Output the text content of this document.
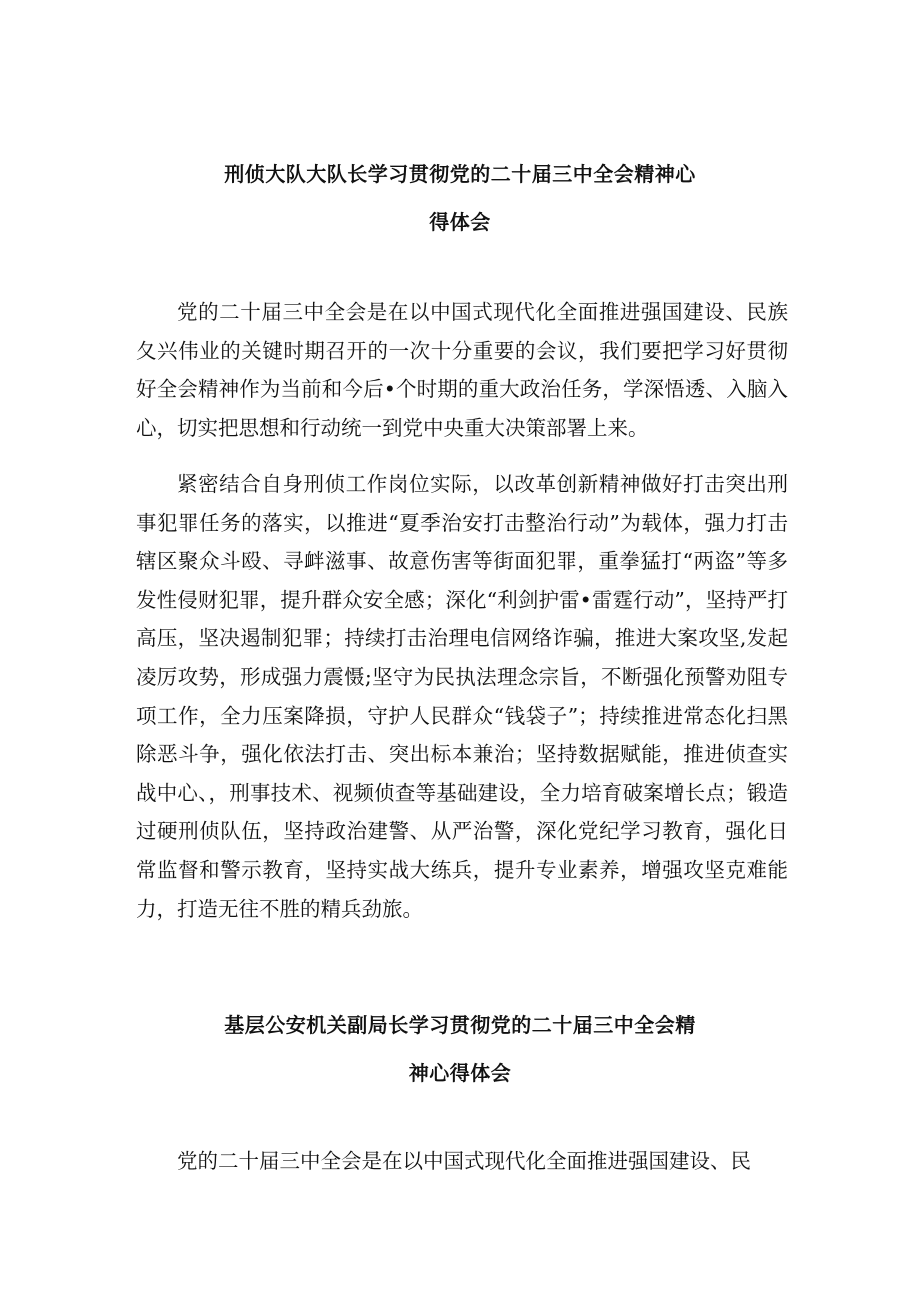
刑侦大队大队长学习贯彻党的二十届三中全会精神心
得体会

党的二十届三中全会是在以中国式现代化全面推进强国建设、民族夂兴伟业的关键时期召开的一次十分重要的会议，我们要把学习好贯彻好全会精神作为当前和今后•个时期的重大政治任务，学深悟透、入脑入心，切实把思想和行动统一到党中央重大决策部署上来。

紧密结合自身刑侦工作岗位实际，以改革创新精神做好打击突出刑事犯罪任务的落实，以推进“夏季治安打击整治行动”为载体，强力打击辖区聚众斗殴、寻衅滋事、故意伤害等街面犯罪，重拳猛打“两盗”等多发性侵财犯罪，提升群众安全感；深化“利剑护雷•雷霆行动”，坚持严打高压，坚决遏制犯罪；持续打击治理电信网络诈骗，推进大案攻坚,发起凌厉攻势，形成强力震慑;坚守为民执法理念宗旨，不断强化预警劝阻专项工作，全力压案降损，守护人民群众“钱袋子”；持续推进常态化扫黑除恶斗争，强化依法打击、突出标本兼治；坚持数据赋能，推进侦查实战中心、，刑事技术、视频侦查等基础建设，全力培育破案增长点；锻造过硬刑侦队伍，坚持政治建警、从严治警，深化党纪学习教育，强化日常监督和警示教育，坚持实战大练兵，提升专业素养，增强攻坚克难能力，打造无往不胜的精兵劲旅。

基层公安机关副局长学习贯彻党的二十届三中全会精
神心得体会

党的二十届三中全会是在以中国式现代化全面推进强国建设、民
